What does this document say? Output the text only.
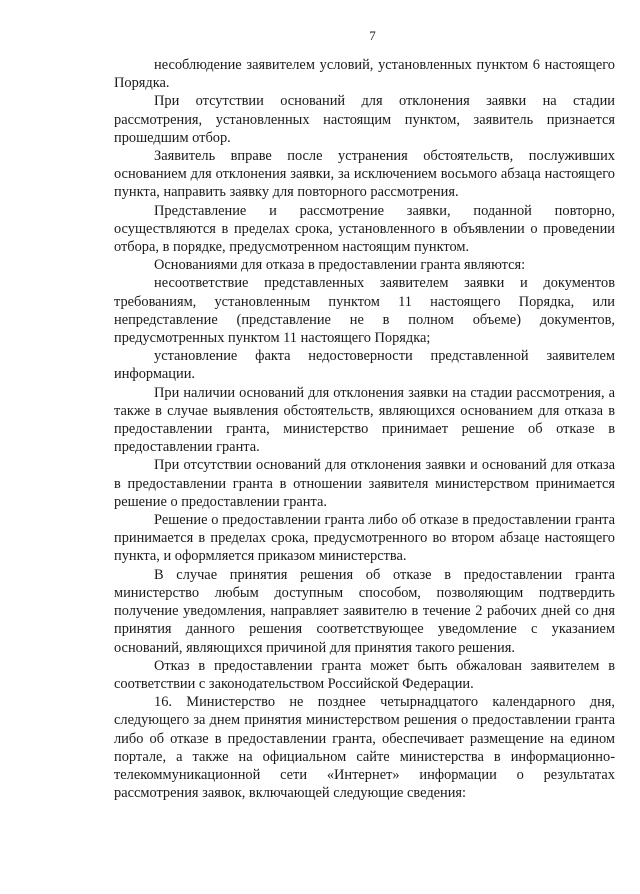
7

несоблюдение заявителем условий, установленных пунктом 6 настоящего Порядка.

При отсутствии оснований для отклонения заявки на стадии рассмотрения, установленных настоящим пунктом, заявитель признается прошедшим отбор.

Заявитель вправе после устранения обстоятельств, послуживших основанием для отклонения заявки, за исключением восьмого абзаца настоящего пункта, направить заявку для повторного рассмотрения.

Представление и рассмотрение заявки, поданной повторно, осуществляются в пределах срока, установленного в объявлении о проведении отбора, в порядке, предусмотренном настоящим пунктом.

Основаниями для отказа в предоставлении гранта являются:

несоответствие представленных заявителем заявки и документов требованиям, установленным пунктом 11 настоящего Порядка, или непредставление (представление не в полном объеме) документов, предусмотренных пунктом 11 настоящего Порядка;

установление факта недостоверности представленной заявителем информации.

При наличии оснований для отклонения заявки на стадии рассмотрения, а также в случае выявления обстоятельств, являющихся основанием для отказа в предоставлении гранта, министерство принимает решение об отказе в предоставлении гранта.

При отсутствии оснований для отклонения заявки и оснований для отказа в предоставлении гранта в отношении заявителя министерством принимается решение о предоставлении гранта.

Решение о предоставлении гранта либо об отказе в предоставлении гранта принимается в пределах срока, предусмотренного во втором абзаце настоящего пункта, и оформляется приказом министерства.

В случае принятия решения об отказе в предоставлении гранта министерство любым доступным способом, позволяющим подтвердить получение уведомления, направляет заявителю в течение 2 рабочих дней со дня принятия данного решения соответствующее уведомление с указанием оснований, являющихся причиной для принятия такого решения.

Отказ в предоставлении гранта может быть обжалован заявителем в соответствии с законодательством Российской Федерации.

16. Министерство не позднее четырнадцатого календарного дня, следующего за днем принятия министерством решения о предоставлении гранта либо об отказе в предоставлении гранта, обеспечивает размещение на едином портале, а также на официальном сайте министерства в информационно-телекоммуникационной сети «Интернет» информации о результатах рассмотрения заявок, включающей следующие сведения:
